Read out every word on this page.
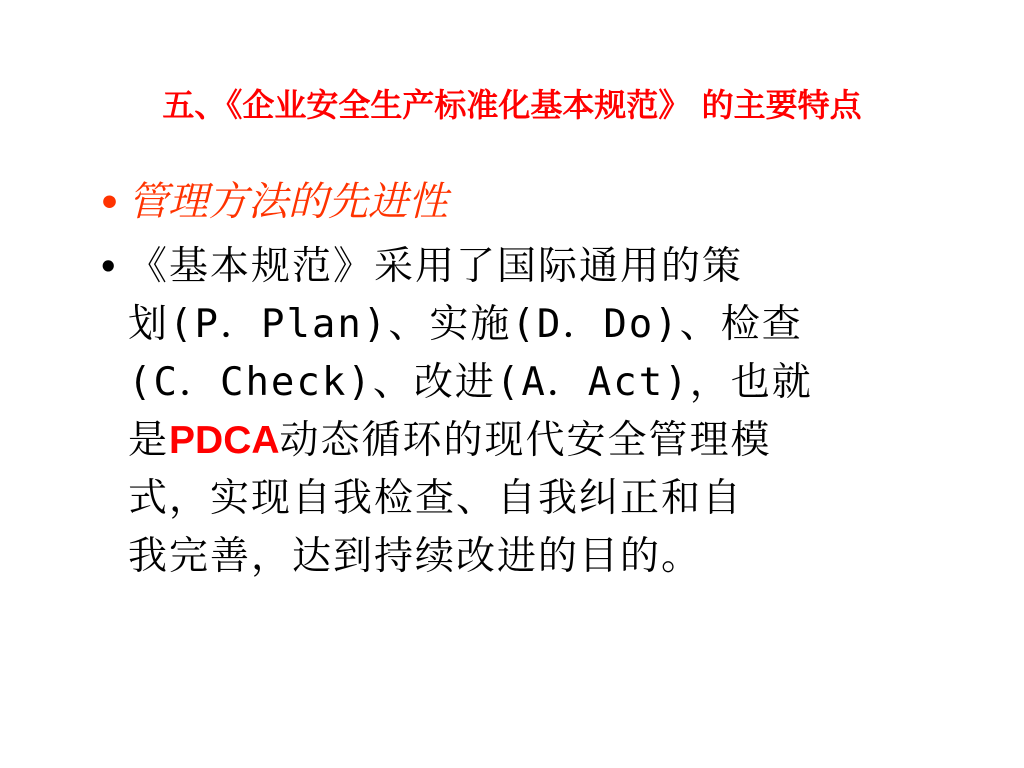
五、《企业安全生产标准化基本规范》 的主要特点
• 管理方法的先进性
• 《基本规范》采用了国际通用的策
划(P．Plan)、实施(D．Do)、检查
(C．Check)、改进(A．Act)，也就
是PDCA动态循环的现代安全管理模
式，实现自我检查、自我纠正和自
我完善，达到持续改进的目的。
